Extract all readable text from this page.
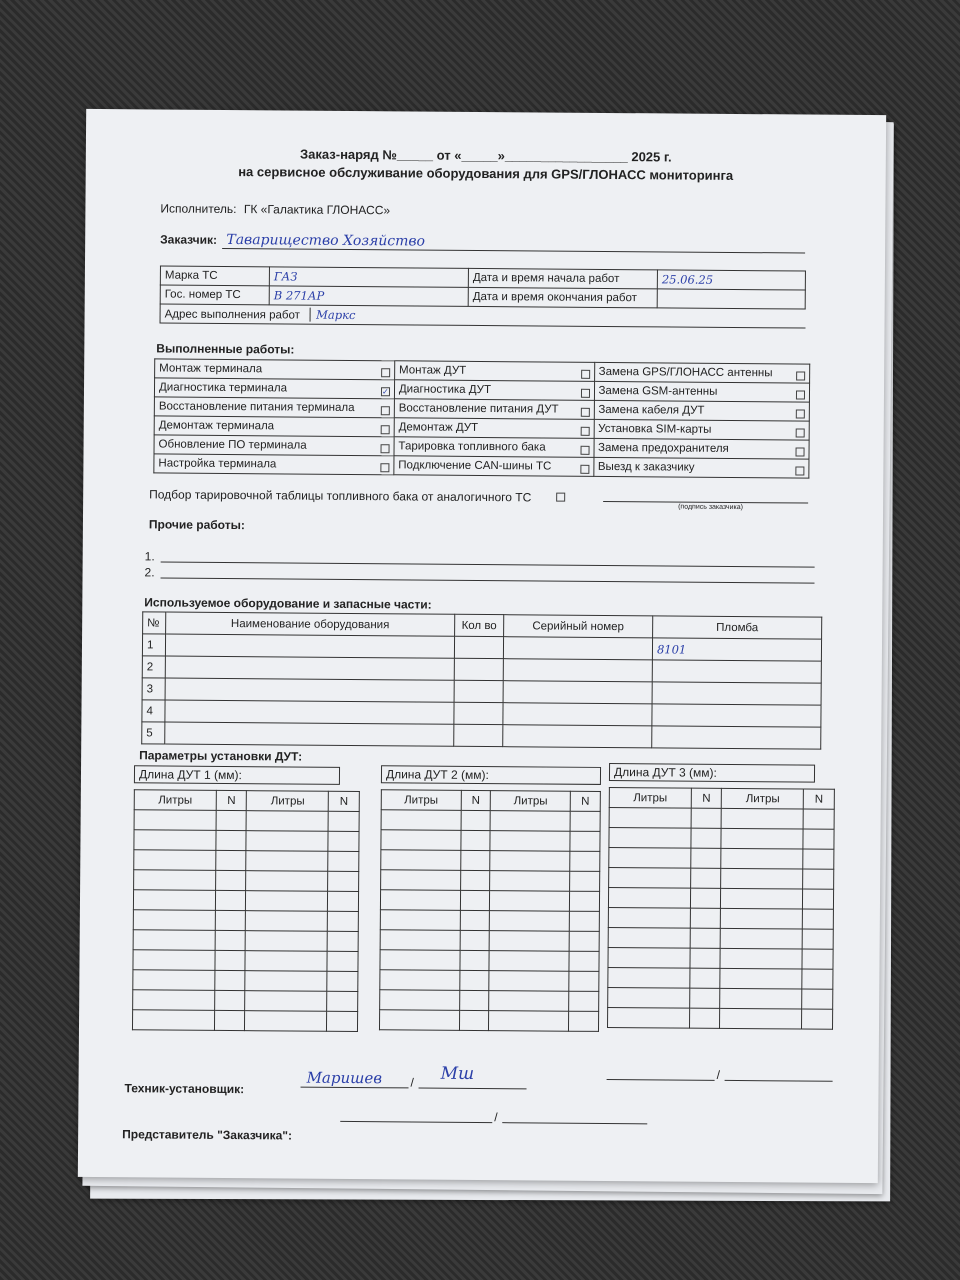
Заказ-наряд №_____ от «_____»_________________ 2025 г.
на сервисное обслуживание оборудования для GPS/ГЛОНАСС мониторинга
Исполнитель: ГК «Галактика ГЛОНАСС»
Заказчик: Таварищество Хозяйство
Марка ТС	ГАЗ	Дата и время начала работ	25.06.25
Гос. номер ТС	В 271АР	Дата и время окончания работ	
Адрес выполнения работ Маркс			
Выполненные работы:
Монтаж терминала	Монтаж ДУТ	Замена GPS/ГЛОНАСС антенны

Диагностика терминала ✓	Диагностика ДУТ	Замена GSM-антенны

Восстановление питания терминала	Восстановление питания ДУТ	Замена кабеля ДУТ

Демонтаж терминала	Демонтаж ДУТ	Установка SIM-карты

Обновление ПО терминала	Тарировка топливного бака	Замена предохранителя

Настройка терминала	Подключение CAN-шины ТС	Выезд к заказчику
Подбор тарировочной таблицы топливного бака от аналогичного ТС
(подпись заказчика)
Прочие работы:
1.
2.
Используемое оборудование и запасные части:
№	Наименование оборудования	Кол во	Серийный номер	Пломба
1				8101
2				
3				
4				
5				
Параметры установки ДУТ:
Длина ДУТ 1 (мм):
Литры	N	Литры	N

Длина ДУТ 2 (мм):
Литры	N	Литры	N

Длина ДУТ 3 (мм):
Литры	N	Литры	N

Техник-установщик:
Маришев / Мш	/
Представитель "Заказчика":
/
